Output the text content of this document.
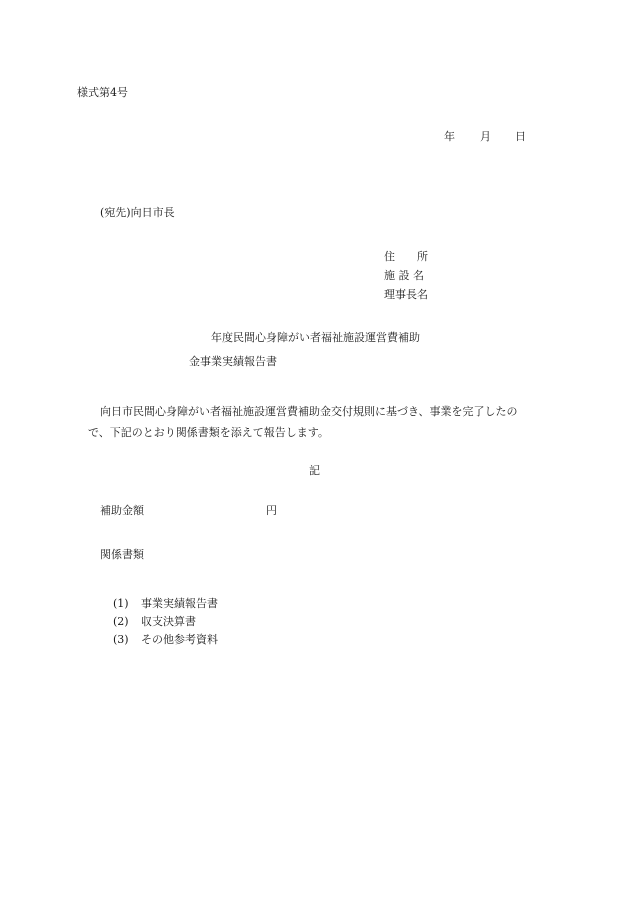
様式第4号
年 月 日
(宛先)向日市長
住　　所
施 設 名
理事長名
年度民間心身障がい者福祉施設運営費補助
金事業実績報告書
向日市民間心身障がい者福祉施設運営費補助金交付規則に基づき、事業を完了したの
で、下記のとおり関係書類を添えて報告します。
記
補助金額	円
関係書類
(1) 事業実績報告書
(2) 収支決算書
(3) その他参考資料
